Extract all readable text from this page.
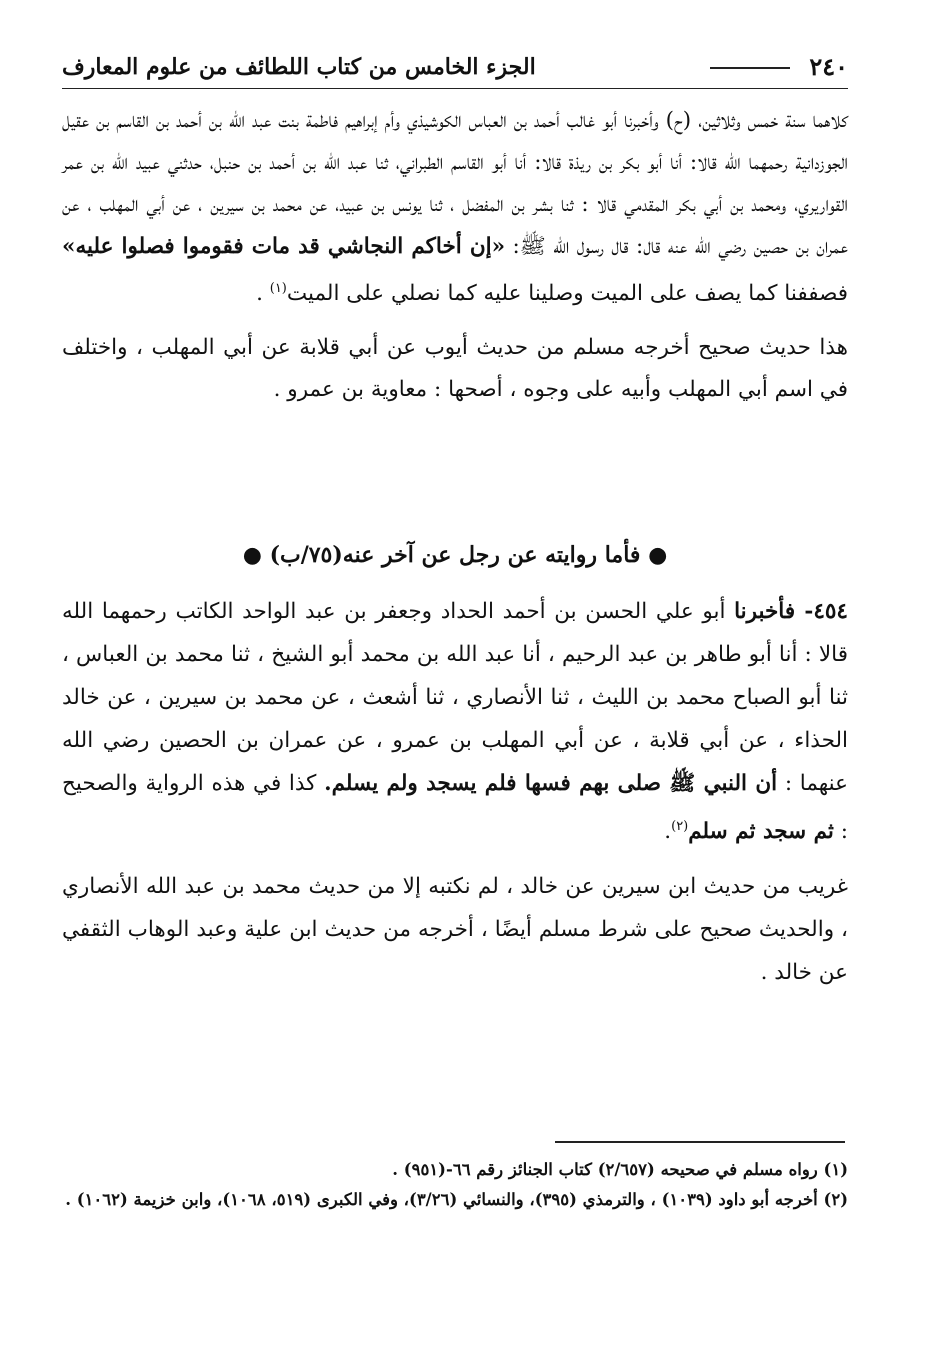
٢٤٠
الجزء الخامس من كتاب اللطائف من علوم المعارف

كلاهما سنة خمس وثلاثين، (ح) وأخبرنا أبو غالب أحمد بن العباس الكوشيذي وأم إبراهيم فاطمة بنت عبد الله بن أحمد بن القاسم بن عقيل الجوزدانية رحمهما الله قالا: أنا أبو بكر بن ريذة قالا: أنا أبو القاسم الطبراني، ثنا عبد الله بن أحمد بن حنبل، حدثني عبيد الله بن عمر القواريري، ومحمد بن أبي بكر المقدمي قالا : ثنا بشر بن المفضل ، ثنا يونس بن عبيد، عن محمد بن سيرين ، عن أبي المهلب ، عن عمران بن حصين رضي الله عنه قال: قال رسول الله ﷺ: «إن أخاكم النجاشي قد مات فقوموا فصلوا عليه» فصففنا كما يصف على الميت وصلينا عليه كما نصلي على الميت$^{(١)}$ .

هذا حديث صحيح أخرجه مسلم من حديث أيوب عن أبي قلابة عن أبي المهلب ، واختلف في اسم أبي المهلب وأبيه على وجوه ، أصحها : معاوية بن عمرو .

● فأما روايته عن رجل عن آخر عنه(٧٥/ب) ●

٤٥٤- فأخبرنا أبو علي الحسن بن أحمد الحداد وجعفر بن عبد الواحد الكاتب رحمهما الله قالا : أنا أبو طاهر بن عبد الرحيم ، أنا عبد الله بن محمد أبو الشيخ ، ثنا محمد بن العباس ، ثنا أبو الصباح محمد بن الليث ، ثنا الأنصاري ، ثنا أشعث ، عن محمد بن سيرين ، عن خالد الحذاء ، عن أبي قلابة ، عن أبي المهلب بن عمرو ، عن عمران بن الحصين رضي الله عنهما : أن النبي ﷺ صلى بهم فسها فلم يسجد ولم يسلم. كذا في هذه الرواية والصحيح : ثم سجد ثم سلم$^{(٢)}$.

غريب من حديث ابن سيرين عن خالد ، لم نكتبه إلا من حديث محمد بن عبد الله الأنصاري ، والحديث صحيح على شرط مسلم أيضًا ، أخرجه من حديث ابن علية وعبد الوهاب الثقفي عن خالد .

(١) رواه مسلم في صحيحه (٢/٦٥٧) كتاب الجنائز رقم ٦٦-(٩٥١) .

(٢) أخرجه أبو داود (١٠٣٩) ، والترمذي (٣٩٥)، والنسائي (٣/٢٦)، وفي الكبرى (٥١٩، ١٠٦٨)، وابن خزيمة (١٠٦٢) .
